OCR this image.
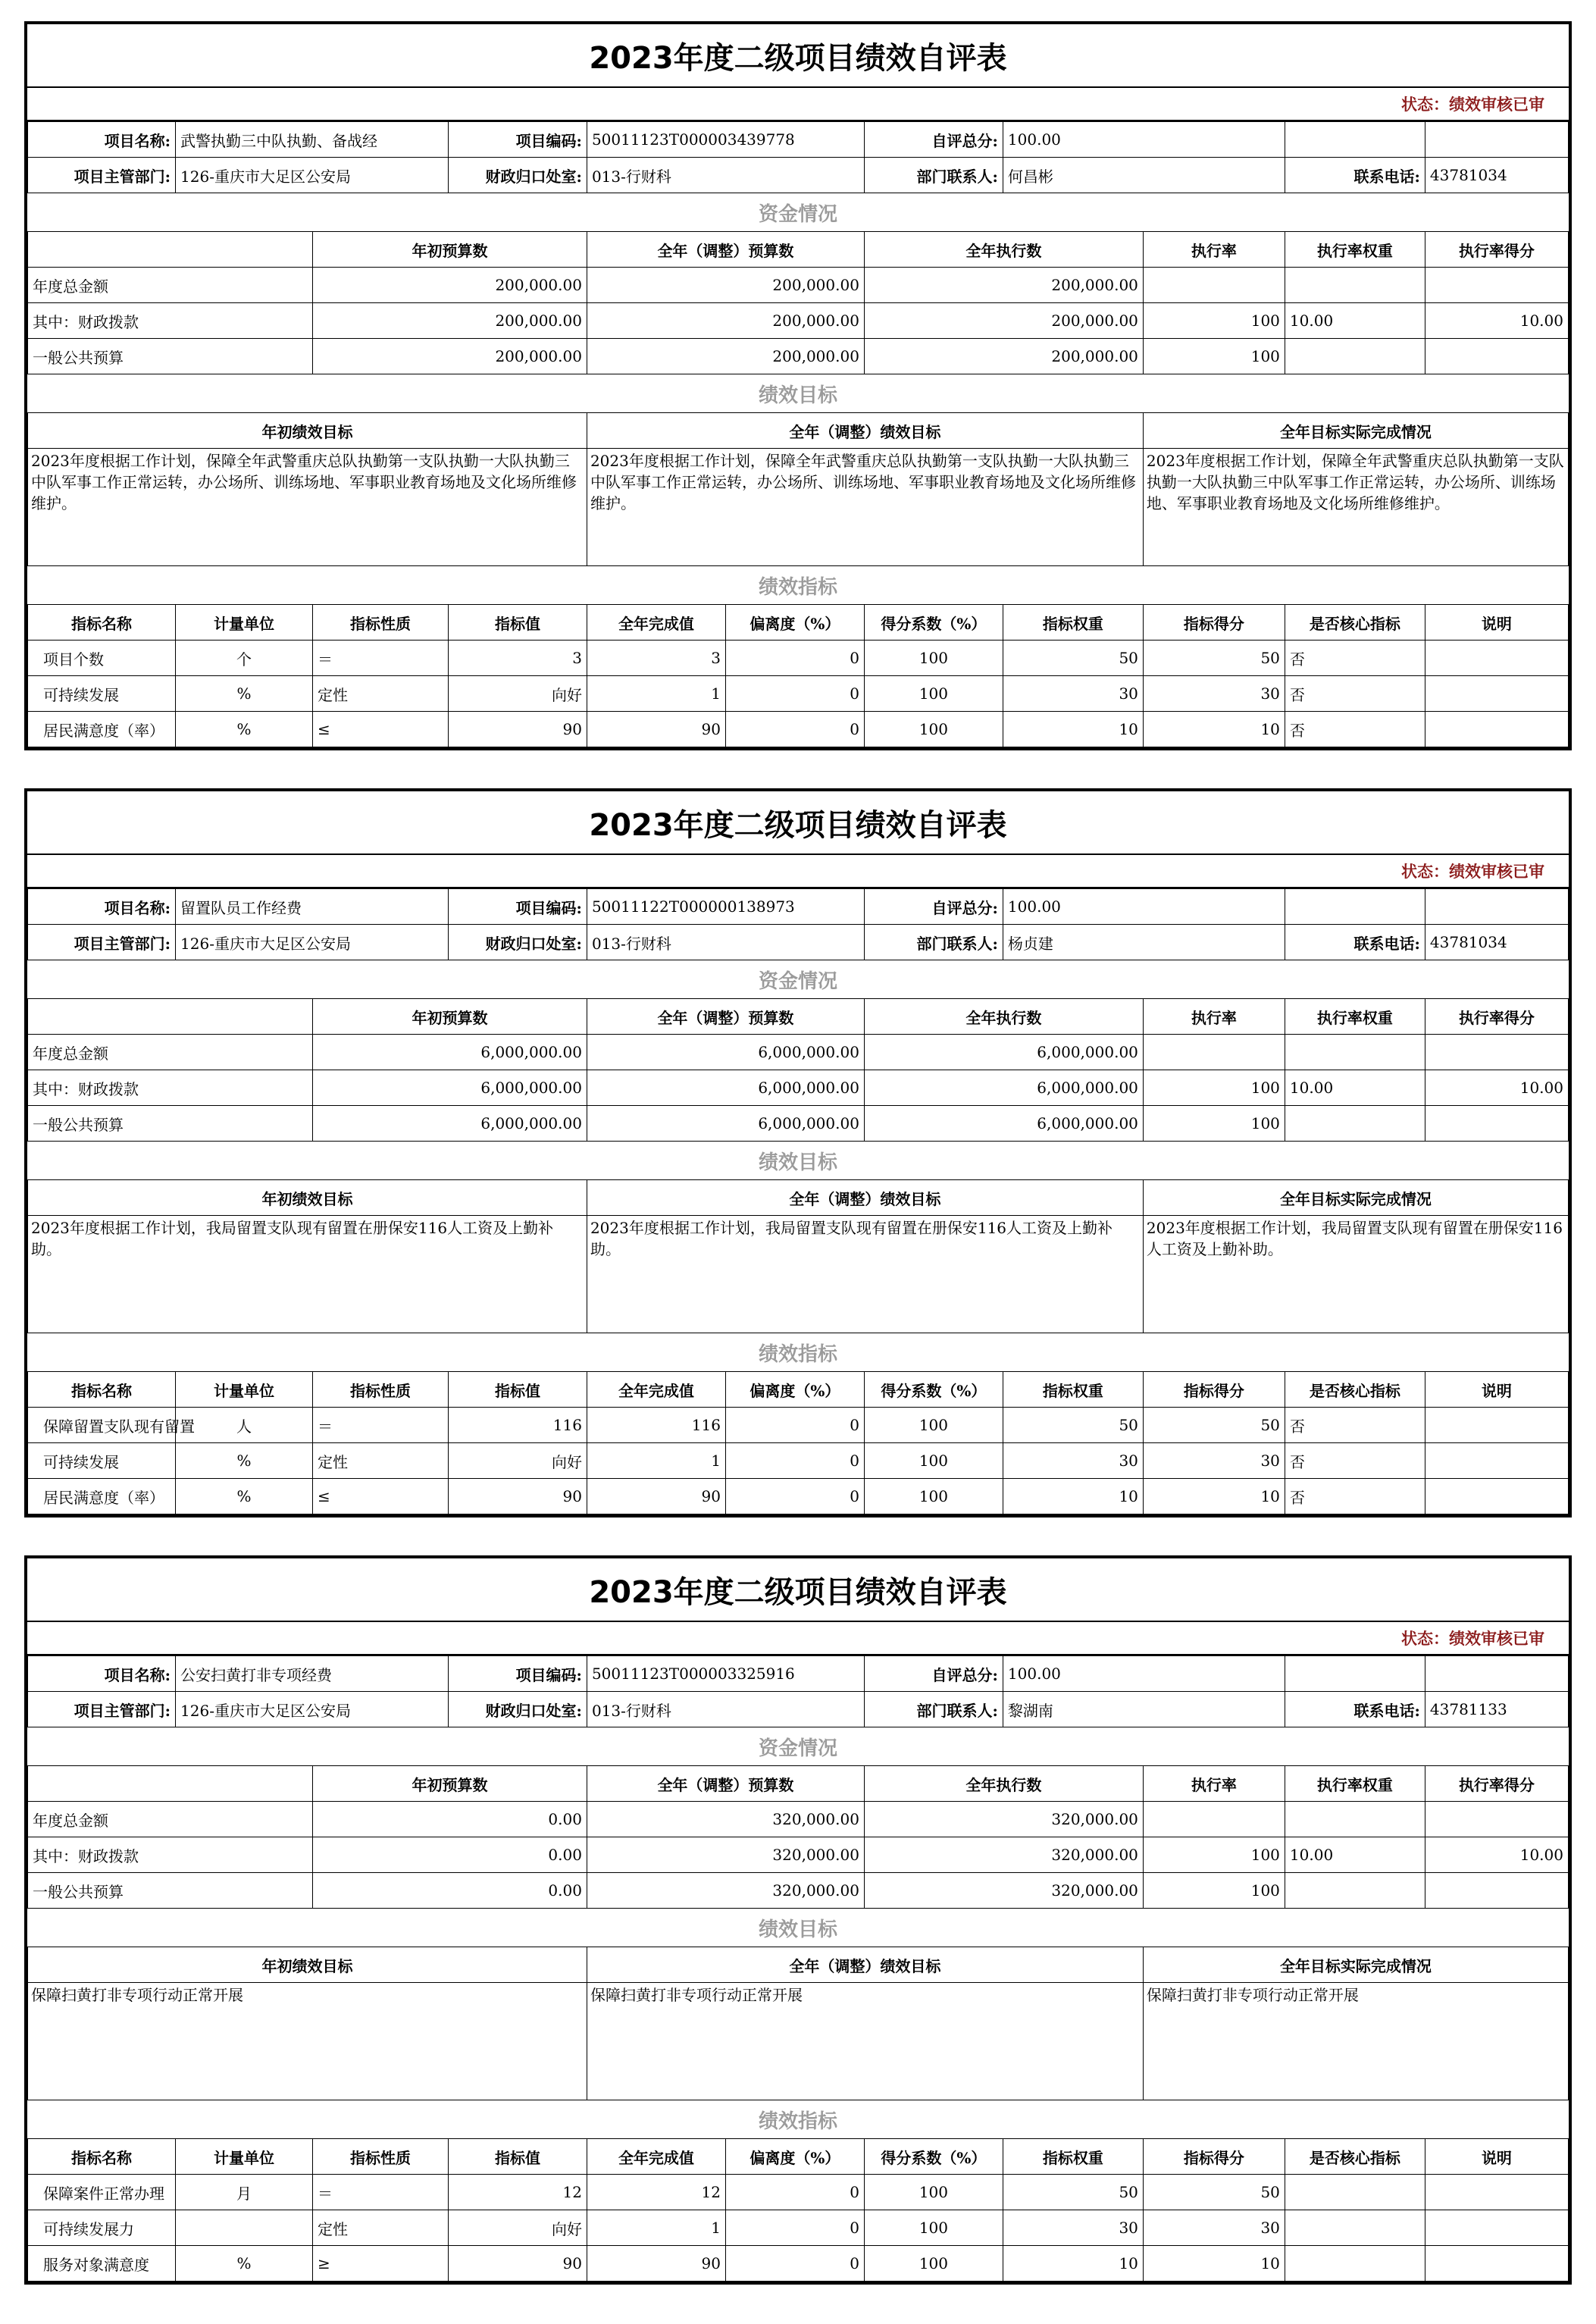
2023年度二级项目绩效自评表
状态：绩效审核已审
项目名称:	武警执勤三中队执勤、备战经		项目编码:	50011123T000003439778		自评总分:	100.00			
项目主管部门:	126-重庆市大足区公安局		财政归口处室:	013-行财科		部门联系人:	何昌彬		联系电话:	43781034
资金情况										
		年初预算数		全年（调整）预算数		全年执行数		执行率	执行率权重	执行率得分
年度总金额		200,000.00		200,000.00		200,000.00				
其中：财政拨款		200,000.00		200,000.00		200,000.00		100	10.00	10.00
一般公共预算		200,000.00		200,000.00		200,000.00		100		
绩效目标										
年初绩效目标				全年（调整）绩效目标				全年目标实际完成情况		
2023年度根据工作计划，保障全年武警重庆总队执勤第一支队执勤一大队执勤三中队军事工作正常运转，办公场所、训练场地、军事职业教育场地及文化场所维修维护。				2023年度根据工作计划，保障全年武警重庆总队执勤第一支队执勤一大队执勤三中队军事工作正常运转，办公场所、训练场地、军事职业教育场地及文化场所维修维护。				2023年度根据工作计划，保障全年武警重庆总队执勤第一支队执勤一大队执勤三中队军事工作正常运转，办公场所、训练场地、军事职业教育场地及文化场所维修维护。		
绩效指标										
指标名称	计量单位	指标性质	指标值	全年完成值	偏离度（%）	得分系数（%）	指标权重	指标得分	是否核心指标	说明
项目个数	个	＝	3	3	0	100	50	50	否	
可持续发展	%	定性	向好	1	0	100	30	30	否	
居民满意度（率）	%	≤	90	90	0	100	10	10	否	
2023年度二级项目绩效自评表
状态：绩效审核已审
项目名称:	留置队员工作经费		项目编码:	50011122T000000138973		自评总分:	100.00			
项目主管部门:	126-重庆市大足区公安局		财政归口处室:	013-行财科		部门联系人:	杨贞建		联系电话:	43781034
资金情况										
		年初预算数		全年（调整）预算数		全年执行数		执行率	执行率权重	执行率得分
年度总金额		6,000,000.00		6,000,000.00		6,000,000.00				
其中：财政拨款		6,000,000.00		6,000,000.00		6,000,000.00		100	10.00	10.00
一般公共预算		6,000,000.00		6,000,000.00		6,000,000.00		100		
绩效目标										
年初绩效目标				全年（调整）绩效目标				全年目标实际完成情况		
2023年度根据工作计划，我局留置支队现有留置在册保安116人工资及上勤补助。				2023年度根据工作计划，我局留置支队现有留置在册保安116人工资及上勤补助。				2023年度根据工作计划，我局留置支队现有留置在册保安116人工资及上勤补助。		
绩效指标										
指标名称	计量单位	指标性质	指标值	全年完成值	偏离度（%）	得分系数（%）	指标权重	指标得分	是否核心指标	说明
保障留置支队现有留置	人	＝	116	116	0	100	50	50	否	
可持续发展	%	定性	向好	1	0	100	30	30	否	
居民满意度（率）	%	≤	90	90	0	100	10	10	否	
2023年度二级项目绩效自评表
状态：绩效审核已审
项目名称:	公安扫黄打非专项经费		项目编码:	50011123T000003325916		自评总分:	100.00			
项目主管部门:	126-重庆市大足区公安局		财政归口处室:	013-行财科		部门联系人:	黎湖南		联系电话:	43781133
资金情况										
		年初预算数		全年（调整）预算数		全年执行数		执行率	执行率权重	执行率得分
年度总金额		0.00		320,000.00		320,000.00				
其中：财政拨款		0.00		320,000.00		320,000.00		100	10.00	10.00
一般公共预算		0.00		320,000.00		320,000.00		100		
绩效目标										
年初绩效目标				全年（调整）绩效目标				全年目标实际完成情况		
保障扫黄打非专项行动正常开展				保障扫黄打非专项行动正常开展				保障扫黄打非专项行动正常开展		
绩效指标										
指标名称	计量单位	指标性质	指标值	全年完成值	偏离度（%）	得分系数（%）	指标权重	指标得分	是否核心指标	说明
保障案件正常办理	月	＝	12	12	0	100	50	50		
可持续发展力		定性	向好	1	0	100	30	30		
服务对象满意度	%	≥	90	90	0	100	10	10		
